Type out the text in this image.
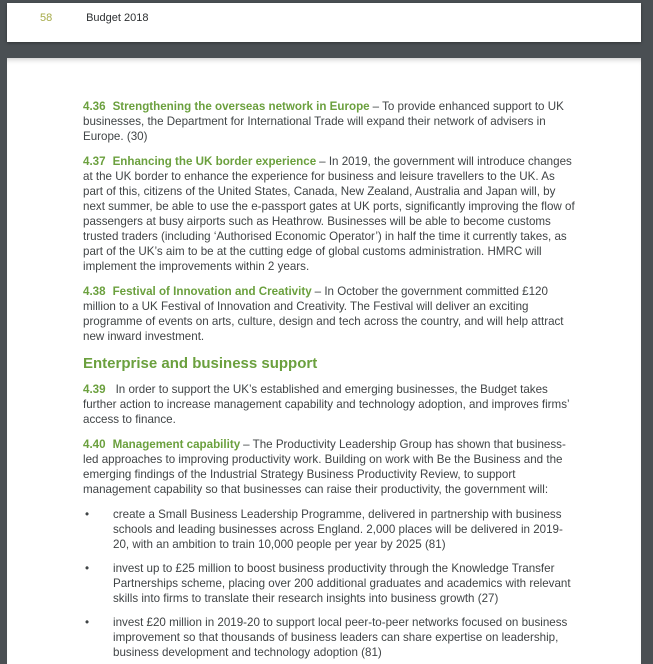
58	Budget 2018

4.36 Strengthening the overseas network in Europe – To provide enhanced support to UK businesses, the Department for International Trade will expand their network of advisers in Europe. (30)

4.37 Enhancing the UK border experience – In 2019, the government will introduce changes at the UK border to enhance the experience for business and leisure travellers to the UK. As part of this, citizens of the United States, Canada, New Zealand, Australia and Japan will, by next summer, be able to use the e-passport gates at UK ports, significantly improving the flow of passengers at busy airports such as Heathrow. Businesses will be able to become customs trusted traders (including ‘Authorised Economic Operator’) in half the time it currently takes, as part of the UK’s aim to be at the cutting edge of global customs administration. HMRC will implement the improvements within 2 years.

4.38 Festival of Innovation and Creativity – In October the government committed £120 million to a UK Festival of Innovation and Creativity. The Festival will deliver an exciting programme of events on arts, culture, design and tech across the country, and will help attract new inward investment.

Enterprise and business support

4.39 In order to support the UK’s established and emerging businesses, the Budget takes further action to increase management capability and technology adoption, and improves firms’ access to finance.

4.40 Management capability – The Productivity Leadership Group has shown that business-led approaches to improving productivity work. Building on work with Be the Business and the emerging findings of the Industrial Strategy Business Productivity Review, to support management capability so that businesses can raise their productivity, the government will:

• create a Small Business Leadership Programme, delivered in partnership with business schools and leading businesses across England. 2,000 places will be delivered in 2019-20, with an ambition to train 10,000 people per year by 2025 (81)
• invest up to £25 million to boost business productivity through the Knowledge Transfer Partnerships scheme, placing over 200 additional graduates and academics with relevant skills into firms to translate their research insights into business growth (27)
• invest £20 million in 2019-20 to support local peer-to-peer networks focused on business improvement so that thousands of business leaders can share expertise on leadership, business development and technology adoption (81)
